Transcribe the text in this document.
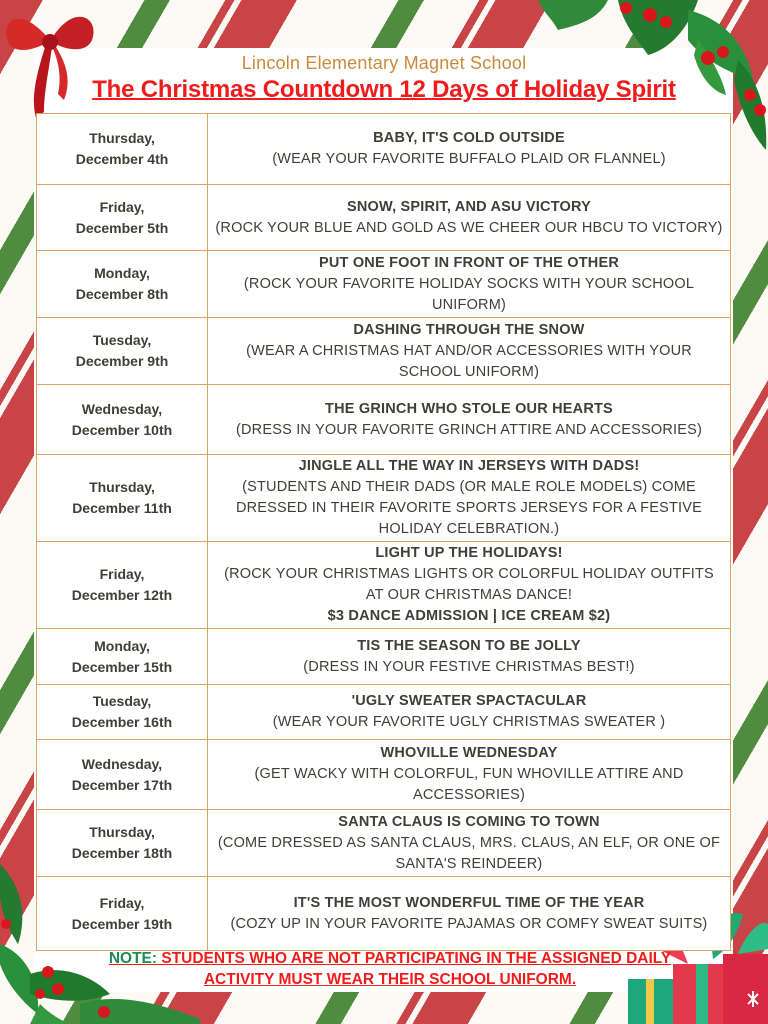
Lincoln Elementary Magnet School
The Christmas Countdown 12 Days of Holiday Spirit
Thursday,
December 4th

BABY, IT'S COLD OUTSIDE
(WEAR YOUR FAVORITE BUFFALO PLAID OR FLANNEL)

Friday,
December 5th

SNOW, SPIRIT, AND ASU VICTORY
(ROCK YOUR BLUE AND GOLD AS WE CHEER OUR HBCU TO VICTORY)

Monday,
December 8th

PUT ONE FOOT IN FRONT OF THE OTHER
(ROCK YOUR FAVORITE HOLIDAY SOCKS WITH YOUR SCHOOL UNIFORM)

Tuesday,
December 9th

DASHING THROUGH THE SNOW
(WEAR A CHRISTMAS HAT AND/OR ACCESSORIES WITH YOUR SCHOOL UNIFORM)

Wednesday,
December 10th

THE GRINCH WHO STOLE OUR HEARTS
(DRESS IN YOUR FAVORITE GRINCH ATTIRE AND ACCESSORIES)

Thursday,
December 11th

JINGLE ALL THE WAY IN JERSEYS WITH DADS!
(STUDENTS AND THEIR DADS (OR MALE ROLE MODELS) COME DRESSED IN THEIR FAVORITE SPORTS JERSEYS FOR A FESTIVE HOLIDAY CELEBRATION.)

Friday,
December 12th

LIGHT UP THE HOLIDAYS!
(ROCK YOUR CHRISTMAS LIGHTS OR COLORFUL HOLIDAY OUTFITS AT OUR CHRISTMAS DANCE!
$3 DANCE ADMISSION | ICE CREAM $2)

Monday,
December 15th

TIS THE SEASON TO BE JOLLY
(DRESS IN YOUR FESTIVE CHRISTMAS BEST!)

Tuesday,
December 16th

'UGLY SWEATER SPACTACULAR
(WEAR YOUR FAVORITE UGLY CHRISTMAS SWEATER )

Wednesday,
December 17th

WHOVILLE WEDNESDAY
(GET WACKY WITH COLORFUL, FUN WHOVILLE ATTIRE AND ACCESSORIES)

Thursday,
December 18th

SANTA CLAUS IS COMING TO TOWN
(COME DRESSED AS SANTA CLAUS, MRS. CLAUS, AN ELF, OR ONE OF SANTA'S REINDEER)

Friday,
December 19th

IT'S THE MOST WONDERFUL TIME OF THE YEAR
(COZY UP IN YOUR FAVORITE PAJAMAS OR COMFY SWEAT SUITS)
NOTE: STUDENTS WHO ARE NOT PARTICIPATING IN THE ASSIGNED DAILY ACTIVITY MUST WEAR THEIR SCHOOL UNIFORM.
